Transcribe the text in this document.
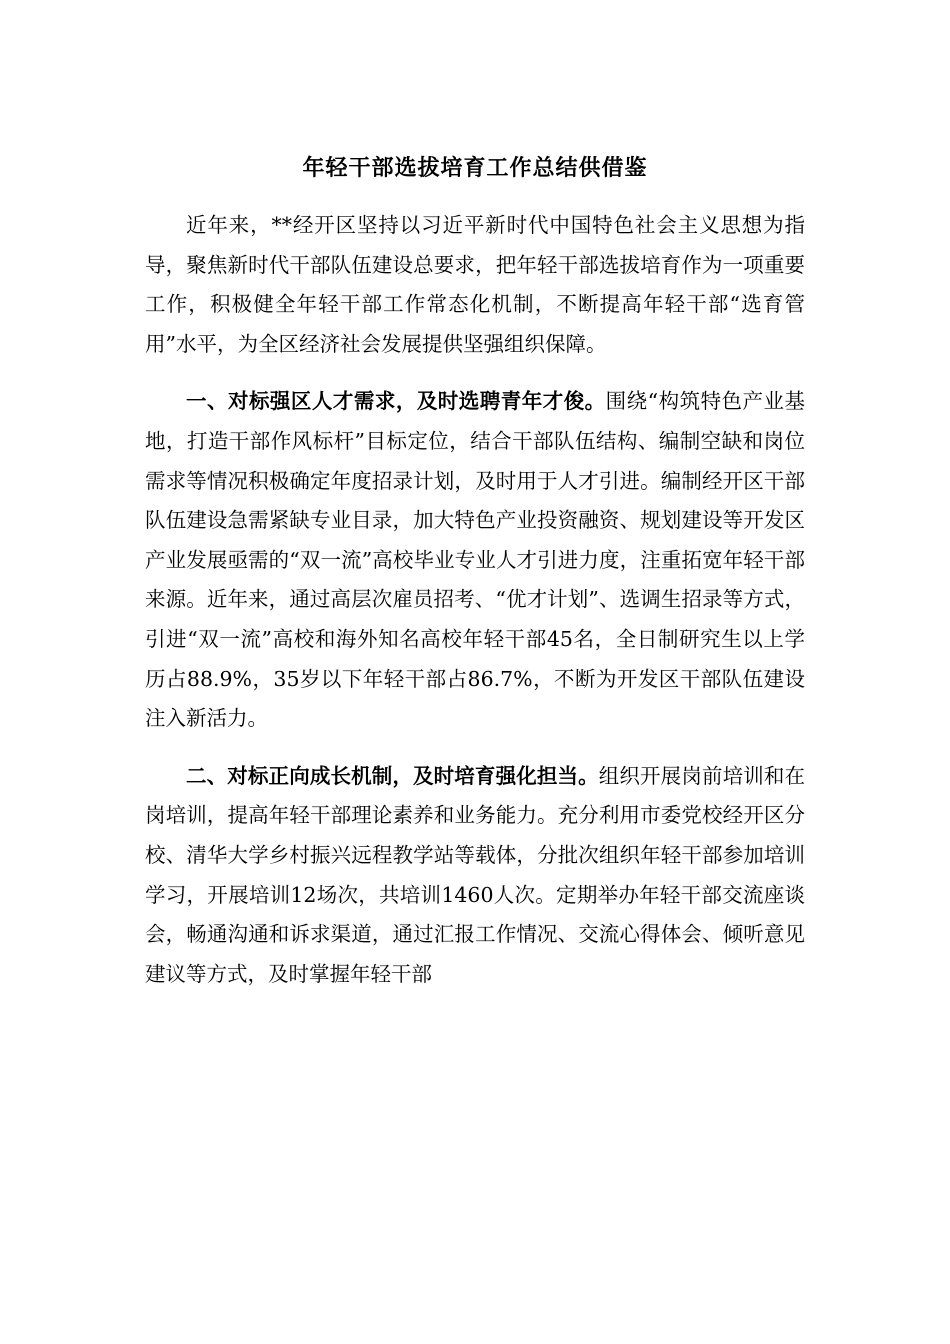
年轻干部选拔培育工作总结供借鉴

近年来，**经开区坚持以习近平新时代中国特色社会主义思想为指导，聚焦新时代干部队伍建设总要求，把年轻干部选拔培育作为一项重要工作，积极健全年轻干部工作常态化机制，不断提高年轻干部“选育管用”水平，为全区经济社会发展提供坚强组织保障。

一、对标强区人才需求，及时选聘青年才俊。围绕“构筑特色产业基地，打造干部作风标杆”目标定位，结合干部队伍结构、编制空缺和岗位需求等情况积极确定年度招录计划，及时用于人才引进。编制经开区干部队伍建设急需紧缺专业目录，加大特色产业投资融资、规划建设等开发区产业发展亟需的“双一流”高校毕业专业人才引进力度，注重拓宽年轻干部来源。近年来，通过高层次雇员招考、“优才计划”、选调生招录等方式，引进“双一流”高校和海外知名高校年轻干部45名，全日制研究生以上学历占88.9%，35岁以下年轻干部占86.7%，不断为开发区干部队伍建设注入新活力。

二、对标正向成长机制，及时培育强化担当。组织开展岗前培训和在岗培训，提高年轻干部理论素养和业务能力。充分利用市委党校经开区分校、清华大学乡村振兴远程教学站等载体，分批次组织年轻干部参加培训学习，开展培训12场次，共培训1460人次。定期举办年轻干部交流座谈会，畅通沟通和诉求渠道，通过汇报工作情况、交流心得体会、倾听意见建议等方式，及时掌握年轻干部
